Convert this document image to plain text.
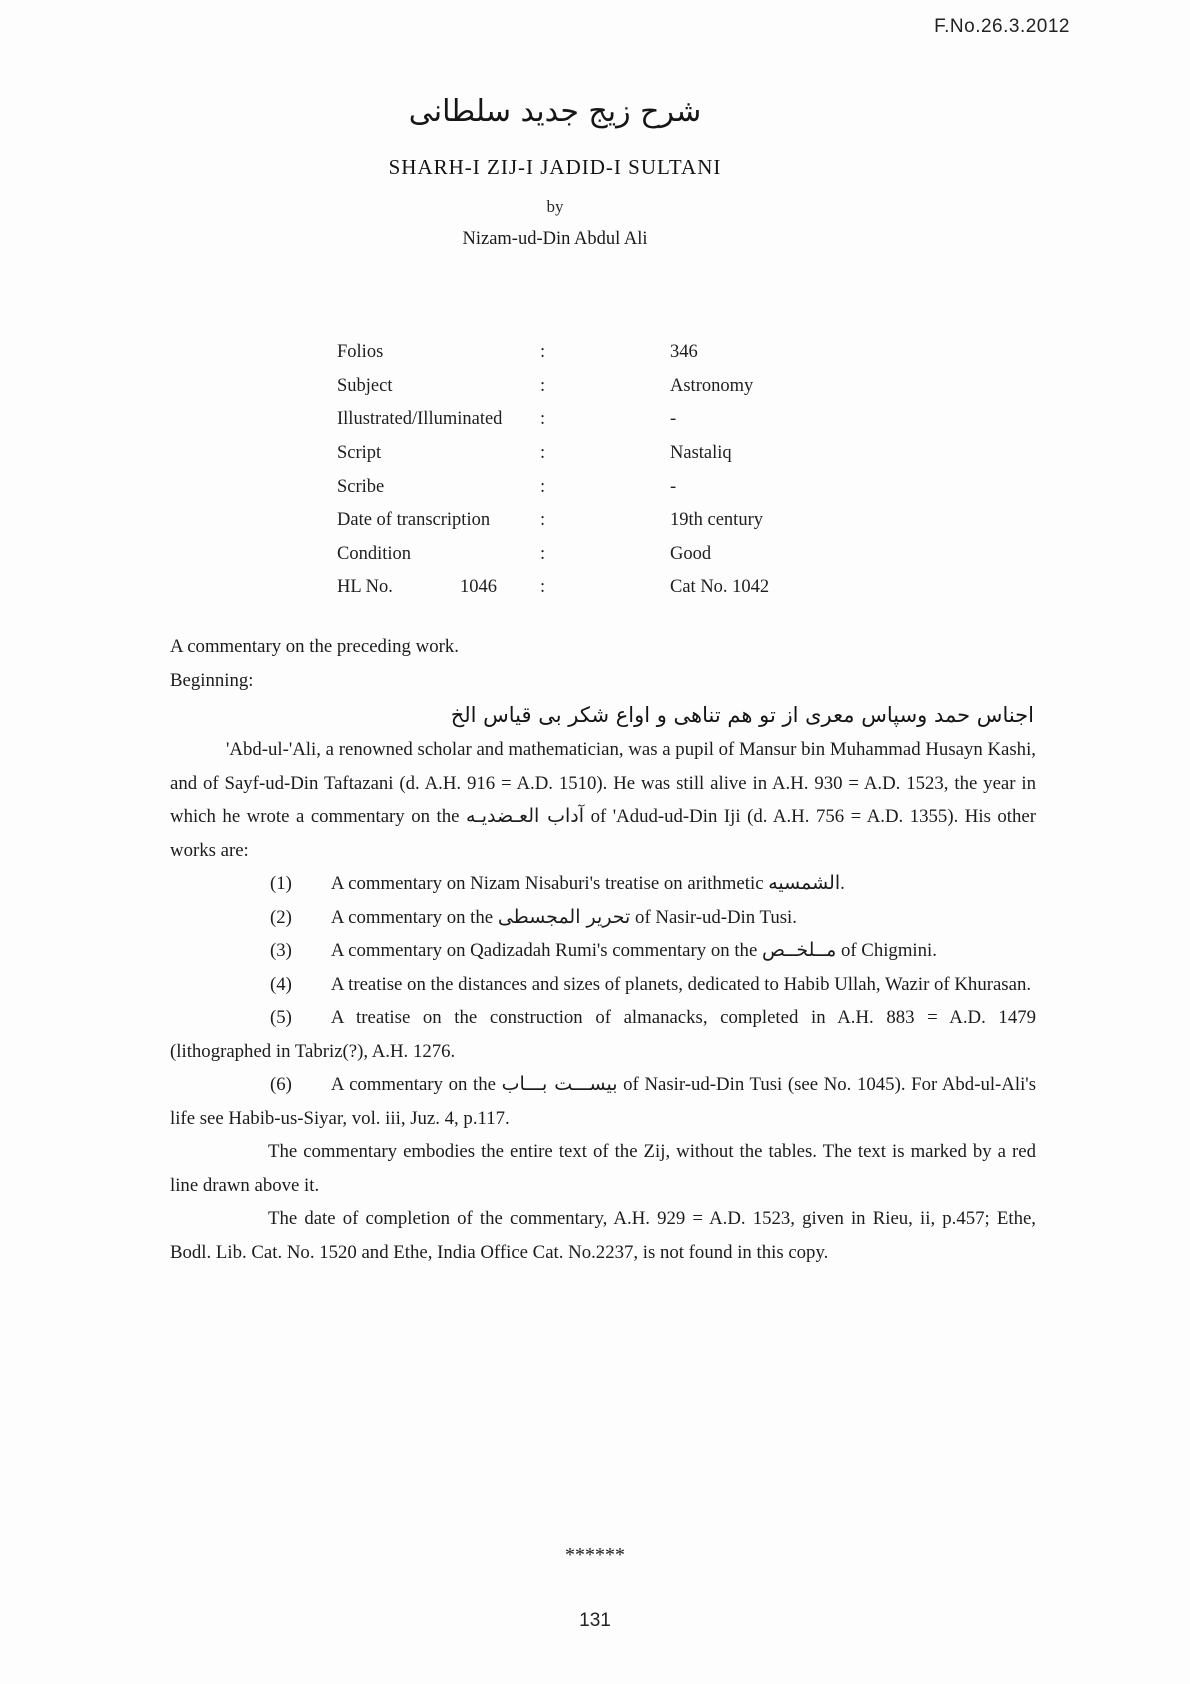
F.No.26.3.2012
شرح زيج جديد سلطانى
SHARH-I ZIJ-I JADID-I SULTANI
by
Nizam-ud-Din Abdul Ali
Folios	:	346
Subject	:	Astronomy
Illustrated/Illuminated :	-
Script	:	Nastaliq
Scribe	:	-
Date of transcription	:	19th century
Condition	:	Good
HL No.	1046	:	Cat No. 1042

A commentary on the preceding work.

Beginning:

اجناس حمد وسپاس معرى از تو هم تناهى و اواع شكر بى قياس الخ

'Abd-ul-'Ali, a renowned scholar and mathematician, was a pupil of Mansur bin Muhammad Husayn Kashi, and of Sayf-ud-Din Taftazani (d. A.H. 916 = A.D. 1510). He was still alive in A.H. 930 = A.D. 1523, the year in which he wrote a commentary on the آداب العـضديـه of 'Adud-ud-Din Iji (d. A.H. 756 = A.D. 1355). His other works are:

(1) A commentary on Nizam Nisaburi's treatise on arithmetic الشمسيه.

(2) A commentary on the تحرير المجسطى of Nasir-ud-Din Tusi.

(3) A commentary on Qadizadah Rumi's commentary on the مــلخــص of Chigmini.

(4) A treatise on the distances and sizes of planets, dedicated to Habib Ullah, Wazir of Khurasan.

(5) A treatise on the construction of almanacks, completed in A.H. 883 = A.D. 1479 (lithographed in Tabriz(?), A.H. 1276.

(6) A commentary on the بيســـت بـــاب of Nasir-ud-Din Tusi (see No. 1045). For Abd-ul-Ali's life see Habib-us-Siyar, vol. iii, Juz. 4, p.117.

The commentary embodies the entire text of the Zij, without the tables. The text is marked by a red line drawn above it.

The date of completion of the commentary, A.H. 929 = A.D. 1523, given in Rieu, ii, p.457; Ethe, Bodl. Lib. Cat. No. 1520 and Ethe, India Office Cat. No.2237, is not found in this copy.

******
131
